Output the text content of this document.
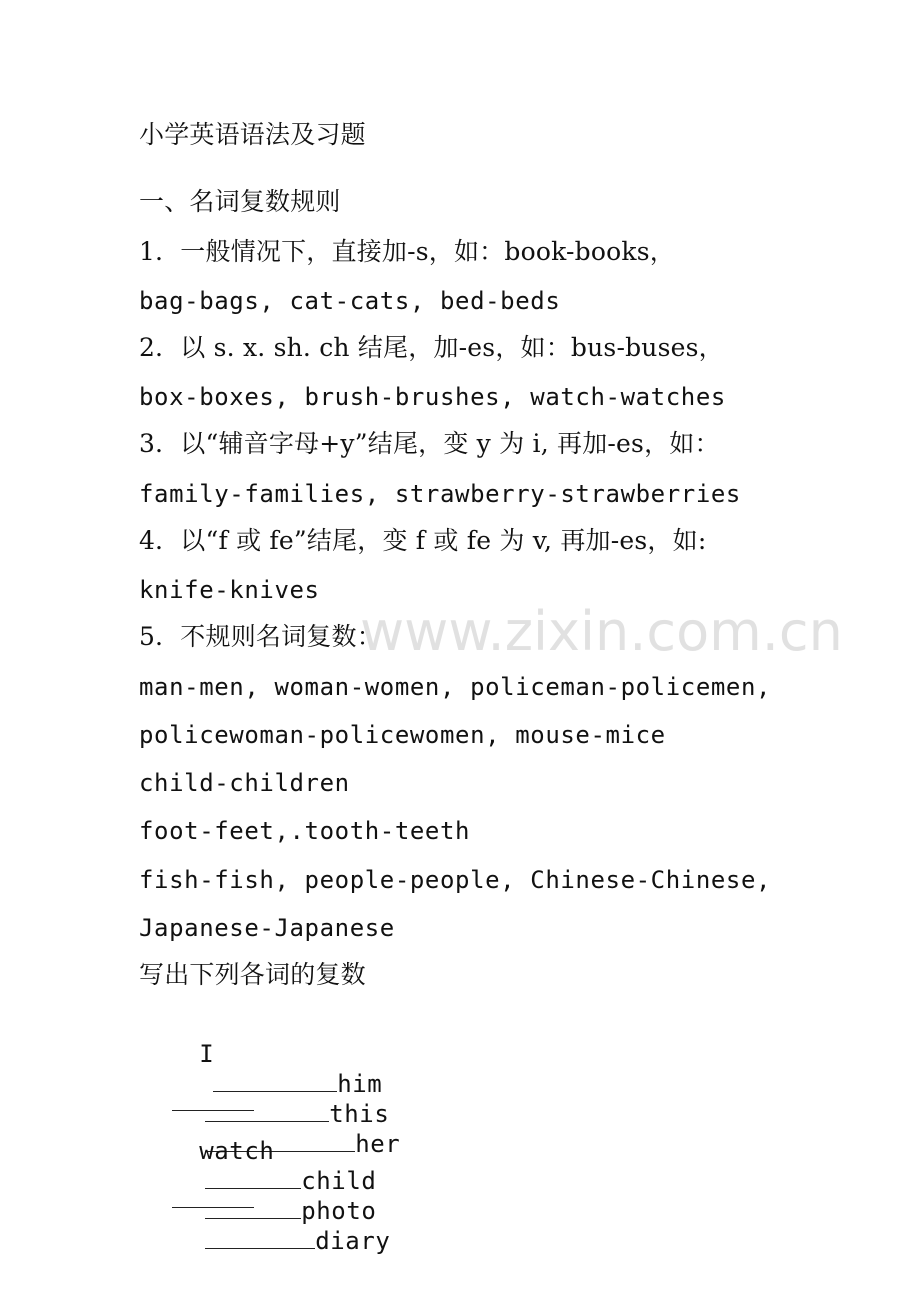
www.zixin.com.cn
小学英语语法及习题
一、名词复数规则
1．一般情况下，直接加-s，如：book-books，
bag-bags, cat-cats, bed-beds
2．以 s. x. sh. ch 结尾，加-es，如：bus-buses，
box-boxes, brush-brushes, watch-watches
3．以“辅音字母+y”结尾，变 y 为 i, 再加-es，如：
family-families, strawberry-strawberries
4．以“f 或 fe”结尾，变 f 或 fe 为 v, 再加-es，如:
knife-knives
5．不规则名词复数：
man-men, woman-women, policeman-policemen,
policewoman-policewomen, mouse-mice
child-children
foot-feet,.tooth-teeth
fish-fish, people-people, Chinese-Chinese,
Japanese-Japanese
写出下列各词的复数

I
him
this
her

watch
child
photo
diary
